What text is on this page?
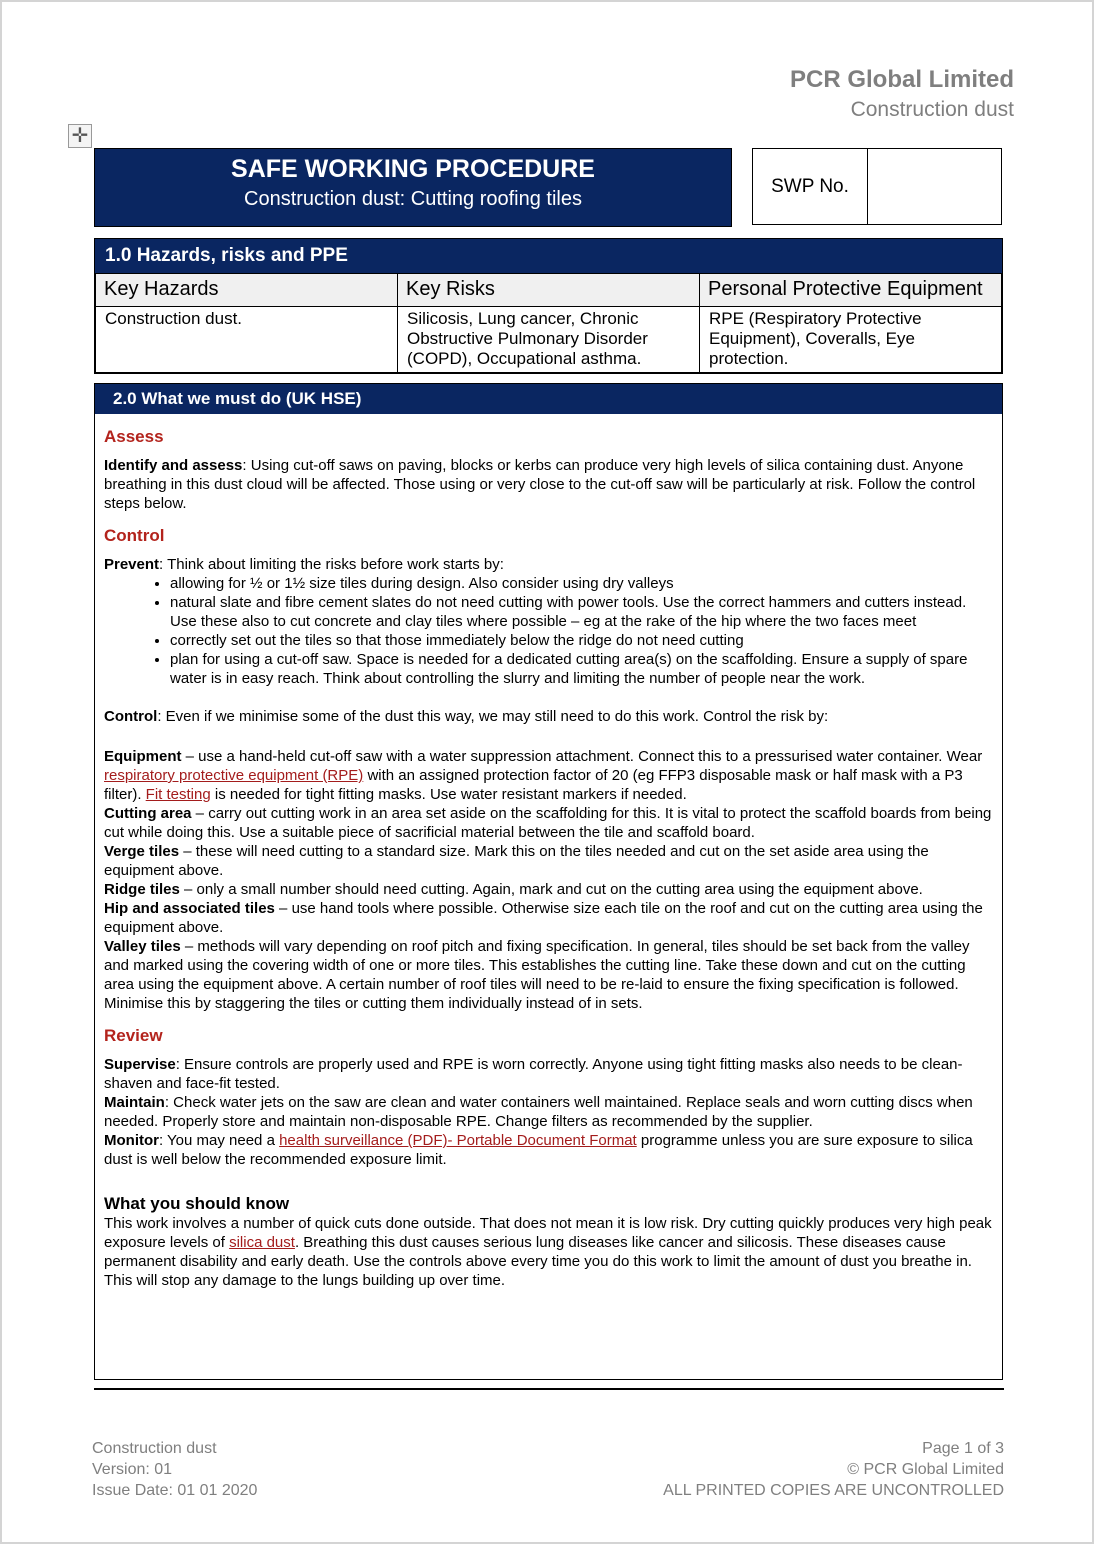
PCR Global Limited
Construction dust
✛
SAFE WORKING PROCEDURE
Construction dust: Cutting roofing tiles
SWP No.
1.0 Hazards, risks and PPE
Key Hazards	Key Risks	Personal Protective Equipment
Construction dust.	Silicosis, Lung cancer, Chronic Obstructive Pulmonary Disorder (COPD), Occupational asthma.	RPE (Respiratory Protective Equipment), Coveralls, Eye protection.
2.0 What we must do (UK HSE)
Assess

Identify and assess: Using cut-off saws on paving, blocks or kerbs can produce very high levels of silica containing dust. Anyone breathing in this dust cloud will be affected. Those using or very close to the cut-off saw will be particularly at risk. Follow the control steps below.

Control

Prevent: Think about limiting the risks before work starts by:

• allowing for ½ or 1½ size tiles during design. Also consider using dry valleys
• natural slate and fibre cement slates do not need cutting with power tools. Use the correct hammers and cutters instead. Use these also to cut concrete and clay tiles where possible – eg at the rake of the hip where the two faces meet
• correctly set out the tiles so that those immediately below the ridge do not need cutting
• plan for using a cut-off saw. Space is needed for a dedicated cutting area(s) on the scaffolding. Ensure a supply of spare water is in easy reach. Think about controlling the slurry and limiting the number of people near the work.

Control: Even if we minimise some of the dust this way, we may still need to do this work. Control the risk by:

Equipment – use a hand-held cut-off saw with a water suppression attachment. Connect this to a pressurised water container. Wear respiratory protective equipment (RPE) with an assigned protection factor of 20 (eg FFP3 disposable mask or half mask with a P3 filter). Fit testing is needed for tight fitting masks. Use water resistant markers if needed.

Cutting area – carry out cutting work in an area set aside on the scaffolding for this. It is vital to protect the scaffold boards from being cut while doing this. Use a suitable piece of sacrificial material between the tile and scaffold board.

Verge tiles – these will need cutting to a standard size. Mark this on the tiles needed and cut on the set aside area using the equipment above.

Ridge tiles – only a small number should need cutting. Again, mark and cut on the cutting area using the equipment above.

Hip and associated tiles – use hand tools where possible. Otherwise size each tile on the roof and cut on the cutting area using the equipment above.

Valley tiles – methods will vary depending on roof pitch and fixing specification. In general, tiles should be set back from the valley and marked using the covering width of one or more tiles. This establishes the cutting line. Take these down and cut on the cutting area using the equipment above. A certain number of roof tiles will need to be re-laid to ensure the fixing specification is followed. Minimise this by staggering the tiles or cutting them individually instead of in sets.

Review

Supervise: Ensure controls are properly used and RPE is worn correctly. Anyone using tight fitting masks also needs to be clean-shaven and face-fit tested.

Maintain: Check water jets on the saw are clean and water containers well maintained. Replace seals and worn cutting discs when needed. Properly store and maintain non-disposable RPE. Change filters as recommended by the supplier.

Monitor: You may need a health surveillance (PDF)- Portable Document Format programme unless you are sure exposure to silica dust is well below the recommended exposure limit.

What you should know

This work involves a number of quick cuts done outside. That does not mean it is low risk. Dry cutting quickly produces very high peak exposure levels of silica dust. Breathing this dust causes serious lung diseases like cancer and silicosis. These diseases cause permanent disability and early death. Use the controls above every time you do this work to limit the amount of dust you breathe in. This will stop any damage to the lungs building up over time.

Construction dust
Version: 01
Issue Date: 01 01 2020
Page 1 of 3
© PCR Global Limited
ALL PRINTED COPIES ARE UNCONTROLLED
